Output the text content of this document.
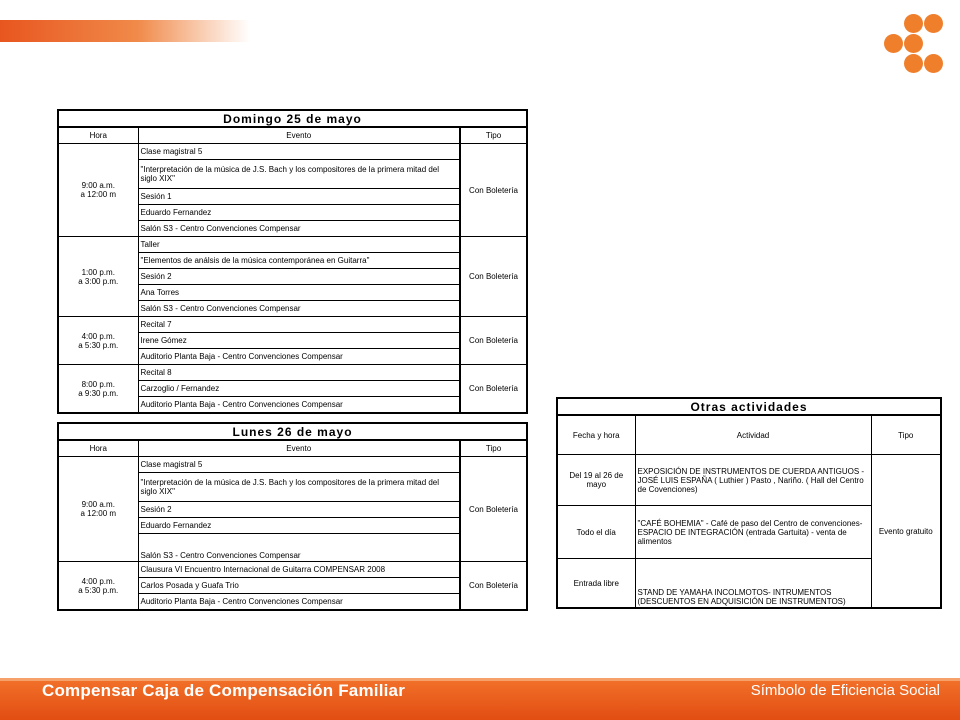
Domingo 25 de mayo		
Hora	Evento	Tipo
9:00 a.m.
a 12:00 m	Clase magistral 5	Con Boletería
	"Interpretación de la música de J.S. Bach y los compositores de la primera mitad del siglo XIX"	
	Sesión 1	
	Eduardo Fernandez	
	Salón S3 - Centro Convenciones Compensar	
1:00 p.m.
a 3:00 p.m.	Taller	Con Boletería
	"Elementos de análsis de la música contemporánea en Guitarra"	
	Sesión 2	
	Ana Torres	
	Salón S3 - Centro Convenciones Compensar	
4:00 p.m.
a 5:30 p.m.	Recital 7	Con Boletería
	Irene Gómez	
	Auditorio Planta Baja - Centro Convenciones Compensar	
8:00 p.m.
a 9:30 p.m.	Recital 8	Con Boletería
	Carzoglio / Fernandez	
	Auditorio Planta Baja - Centro Convenciones Compensar	
Lunes 26 de mayo		
Hora	Evento	Tipo
9:00 a.m.
a 12:00 m	Clase magistral 5	Con Boletería
	"Interpretación de la música de J.S. Bach y los compositores de la primera mitad del siglo XIX"	
	Sesión 2	
	Eduardo Fernandez	
	Salón S3 - Centro Convenciones Compensar	
4:00 p.m.
a 5:30 p.m.	Clausura VI Encuentro Internacional de Guitarra COMPENSAR 2008	Con Boletería
	Carlos Posada y Guafa Trio	
	Auditorio Planta Baja - Centro Convenciones Compensar	
Otras actividades		
Fecha y hora	Actividad	Tipo
Del 19 al 26 de mayo	EXPOSICIÓN DE INSTRUMENTOS DE CUERDA ANTIGUOS - JOSÉ LUIS ESPAÑA ( Luthier ) Pasto , Nariño. ( Hall del Centro de Covenciones)	Evento gratuito
Todo el día	"CAFÉ BOHEMIA" - Café de paso del Centro de convenciones- ESPACIO DE INTEGRACIÓN (entrada Gartuita) - venta de alimentos	
Entrada libre	STAND DE YAMAHA INCOLMOTOS- INTRUMENTOS (DESCUENTOS EN ADQUISICIÓN DE INSTRUMENTOS)	
Compensar Caja de Compensación Familiar	Símbolo de Eficiencia Social
